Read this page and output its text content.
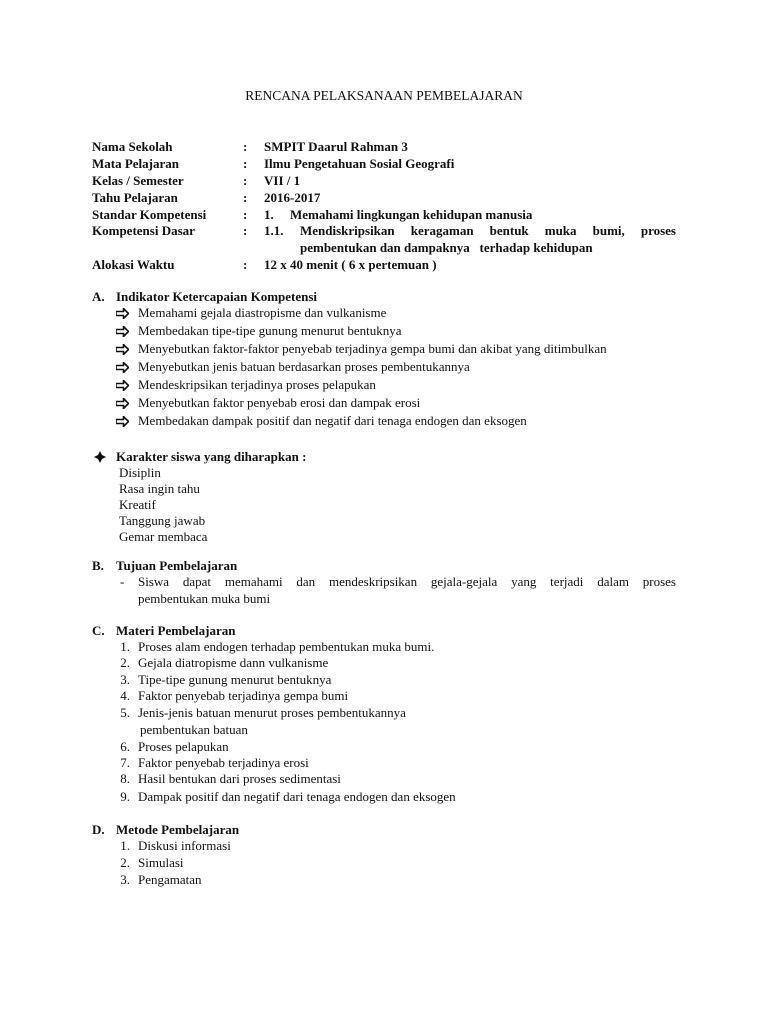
RENCANA PELAKSANAAN PEMBELAJARAN
Nama Sekolah	: SMPIT Daarul Rahman 3
Mata Pelajaran	: Ilmu Pengetahuan Sosial Geografi
Kelas / Semester	: VII / 1
Tahu Pelajaran	: 2016-2017
Standar Kompetensi	: 1. Memahami lingkungan kehidupan manusia
Kompetensi Dasar	: 1.1. Mendiskripsikan keragaman bentuk muka bumi, proses
pembentukan dan dampaknya   terhadap kehidupan
Alokasi Waktu	: 12 x 40 menit ( 6 x pertemuan )
A. Indikator Ketercapaian Kompetensi
Memahami gejala diastropisme dan vulkanisme
Membedakan tipe-tipe gunung menurut bentuknya
Menyebutkan faktor-faktor penyebab terjadinya gempa bumi dan akibat yang ditimbulkan
Menyebutkan jenis batuan berdasarkan proses pembentukannya
Mendeskripsikan terjadinya proses pelapukan
Menyebutkan faktor penyebab erosi dan dampak erosi
Membedakan dampak positif dan negatif dari tenaga endogen dan eksogen
Karakter siswa yang diharapkan :
Disiplin
Rasa ingin tahu
Kreatif
Tanggung jawab
Gemar membaca
B. Tujuan Pembelajaran
- Siswa dapat memahami dan mendeskripsikan gejala-gejala yang terjadi dalam proses
pembentukan muka bumi
C. Materi Pembelajaran
1. Proses alam endogen terhadap pembentukan muka bumi.
2. Gejala diatropisme dann vulkanisme
3. Tipe-tipe gunung menurut bentuknya
4. Faktor penyebab terjadinya gempa bumi
5. Jenis-jenis batuan menurut proses pembentukannya
pembentukan batuan
6. Proses pelapukan
7. Faktor penyebab terjadinya erosi
8. Hasil bentukan dari proses sedimentasi
9. Dampak positif dan negatif dari tenaga endogen dan eksogen
D. Metode Pembelajaran
1. Diskusi informasi
2. Simulasi
3. Pengamatan
